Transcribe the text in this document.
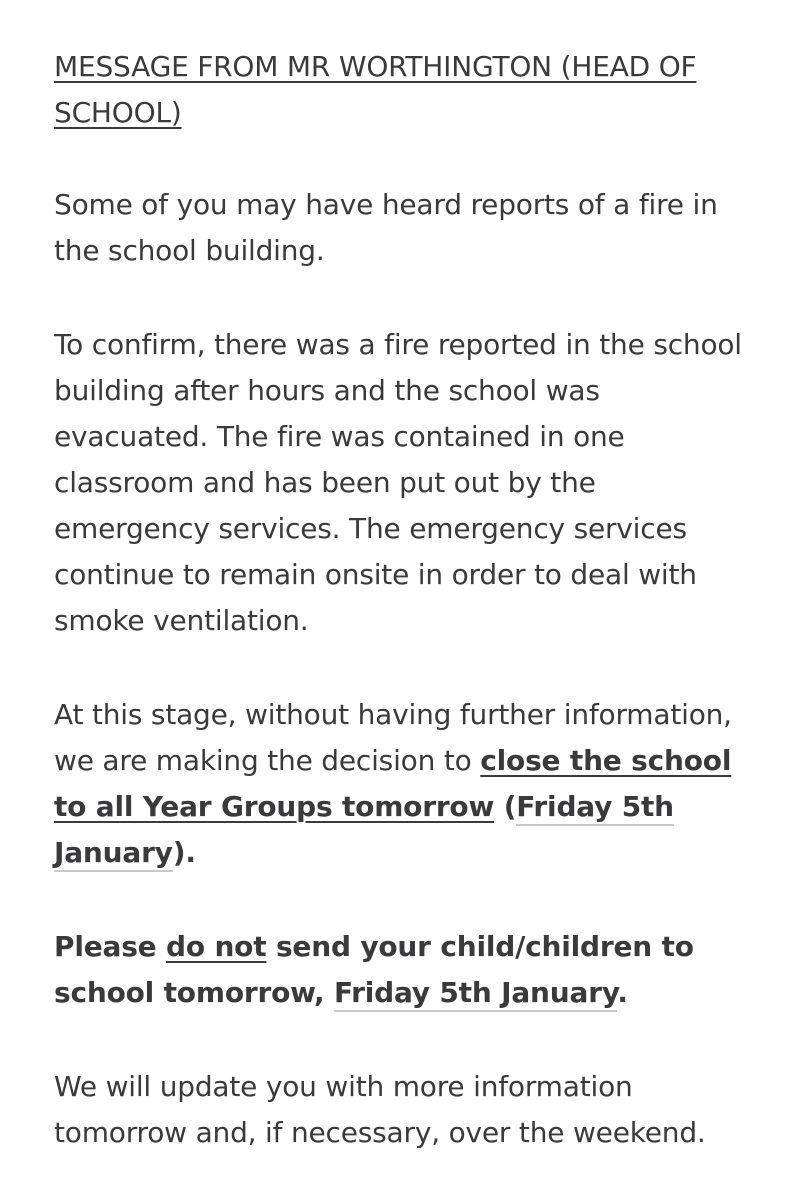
MESSAGE FROM MR WORTHINGTON (HEAD OF SCHOOL)

Some of you may have heard reports of a fire in the school building.

To confirm, there was a fire reported in the school building after hours and the school was evacuated. The fire was contained in one classroom and has been put out by the emergency services. The emergency services continue to remain onsite in order to deal with smoke ventilation.

At this stage, without having further information, we are making the decision to close the school to all Year Groups tomorrow (Friday 5th January).

Please do not send your child/children to school tomorrow, Friday 5th January.

We will update you with more information tomorrow and, if necessary, over the weekend.
